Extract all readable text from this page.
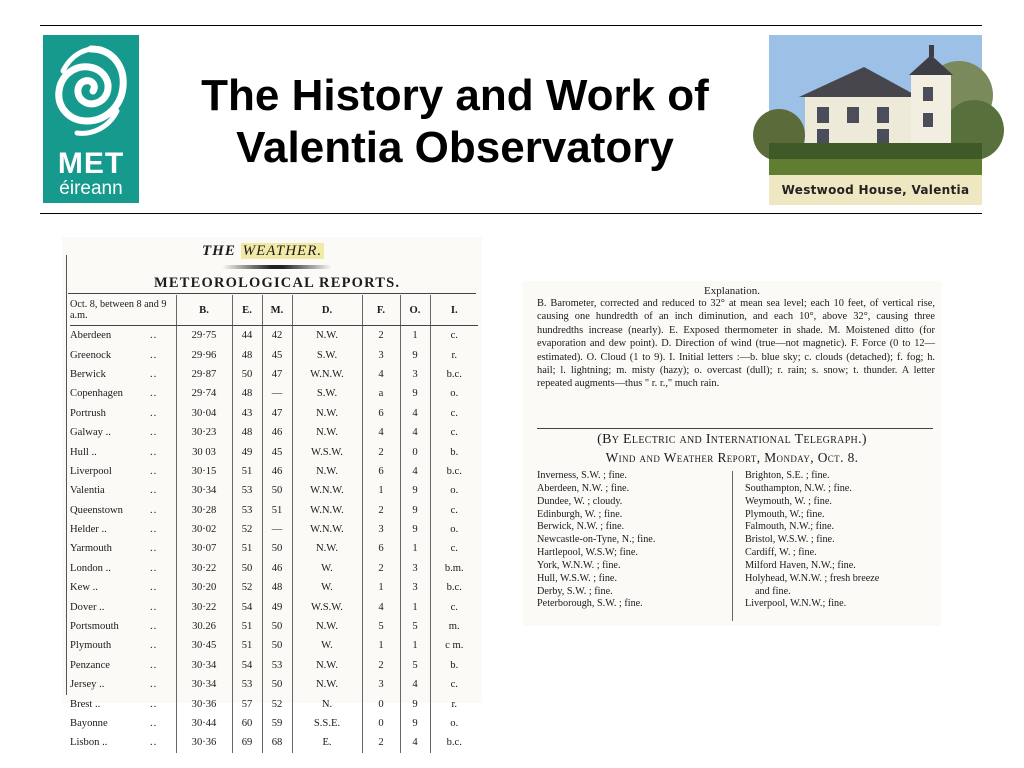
MET
éireann
The History and Work of
Valentia Observatory
Westwood House, Valentia
THE WEATHER.
METEOROLOGICAL REPORTS.
Oct. 8, between 8 and 9 a.m.		B.	E.	M.	D.	F.	O.	I.
Aberdeen	..	29·75	44	42	N.W.	2	1	c.
Greenock	..	29·96	48	45	S.W.	3	9	r.
Berwick	..	29·87	50	47	W.N.W.	4	3	b.c.
Copenhagen	..	29·74	48	—	S.W.	a	9	o.
Portrush	..	30·04	43	47	N.W.	6	4	c.
Galway ..	..	30·23	48	46	N.W.	4	4	c.
Hull ..	..	30 03	49	45	W.S.W.	2	0	b.
Liverpool	..	30·15	51	46	N.W.	6	4	b.c.
Valentia	..	30·34	53	50	W.N.W.	1	9	o.
Queenstown	..	30·28	53	51	W.N.W.	2	9	c.
Helder ..	..	30·02	52	—	W.N.W.	3	9	o.
Yarmouth	..	30·07	51	50	N.W.	6	1	c.
London ..	..	30·22	50	46	W.	2	3	b.m.
Kew ..	..	30·20	52	48	W.	1	3	b.c.
Dover ..	..	30·22	54	49	W.S.W.	4	1	c.
Portsmouth	..	30.26	51	50	N.W.	5	5	m.
Plymouth	..	30·45	51	50	W.	1	1	c m.
Penzance	..	30·34	54	53	N.W.	2	5	b.
Jersey ..	..	30·34	53	50	N.W.	3	4	c.
Brest ..	..	30·36	57	52	N.	0	9	r.
Bayonne	..	30·44	60	59	S.S.E.	0	9	o.
Lisbon ..	..	30·36	69	68	E.	2	4	b.c.
Explanation.
B. Barometer, corrected and reduced to 32° at mean sea level; each 10 feet, of vertical rise, causing one hundredth of an inch diminution, and each 10°, above 32°, causing three hundredths increase (nearly). E. Exposed thermometer in shade. M. Moistened ditto (for evaporation and dew point). D. Direction of wind (true—not magnetic). F. Force (0 to 12—estimated). O. Cloud (1 to 9). I. Initial letters :—b. blue sky; c. clouds (detached); f. fog; h. hail; l. lightning; m. misty (hazy); o. overcast (dull); r. rain; s. snow; t. thunder. A letter repeated augments—thus " r. r.," much rain.
(By Electric and International Telegraph.)
Wind and Weather Report, Monday, Oct. 8.
Inverness, S.W. ; fine.
Aberdeen, N.W. ; fine.
Dundee, W. ; cloudy.
Edinburgh, W. ; fine.
Berwick, N.W. ; fine.
Newcastle-on-Tyne, N.; fine.
Hartlepool, W.S.W; fine.
York, W.N.W. ; fine.
Hull, W.S.W. ; fine.
Derby, S.W. ; fine.
Peterborough, S.W. ; fine.
Brighton, S.E. ; fine.
Southampton, N.W. ; fine.
Weymouth, W. ; fine.
Plymouth, W.; fine.
Falmouth, N.W.; fine.
Bristol, W.S.W. ; fine.
Cardiff, W. ; fine.
Milford Haven, N.W.; fine.
Holyhead, W.N.W. ; fresh breeze
and fine.
Liverpool, W.N.W.; fine.
